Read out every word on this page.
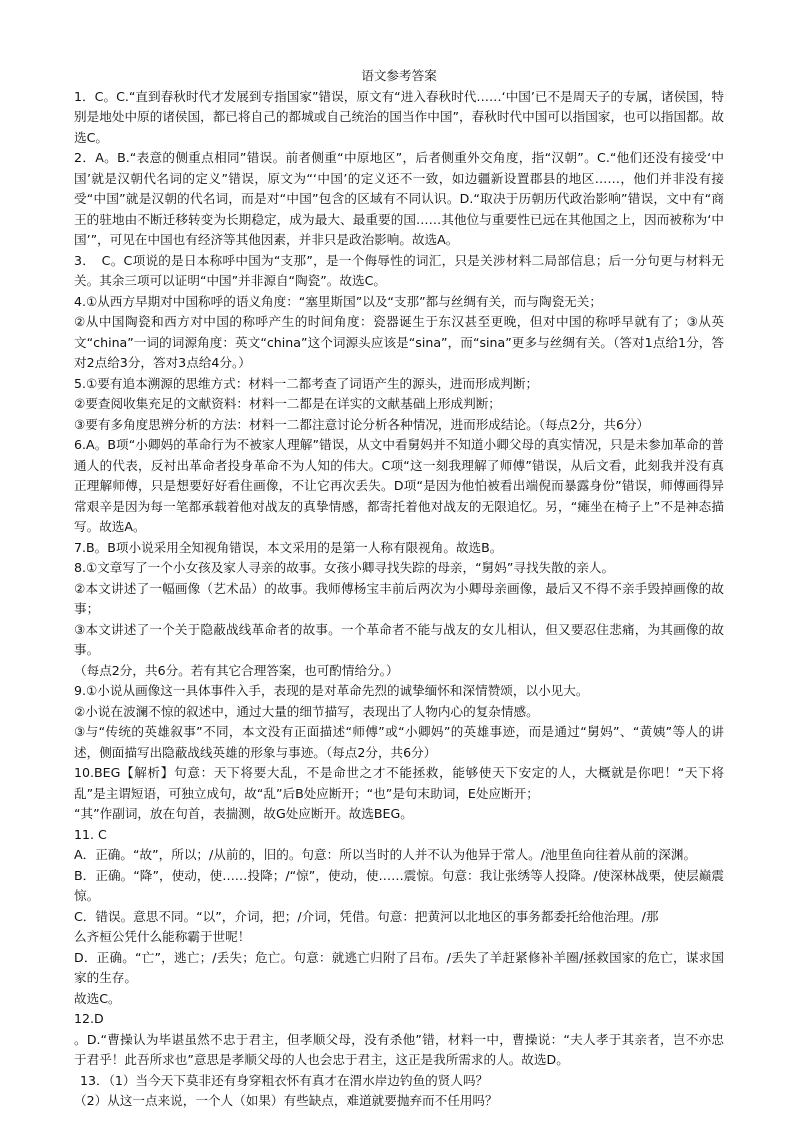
语文参考答案

1．C。C.“直到春秋时代才发展到专指国家”错误，原文有“进入春秋时代……‘中国’已不是周天子的专属，诸侯国，特别是地处中原的诸侯国，都已将自己的都城或自己统治的国当作中国”，春秋时代中国可以指国家，也可以指国都。故选C。

2．A。B.“表意的侧重点相同”错误。前者侧重“中原地区”，后者侧重外交角度，指“汉朝”。C.“他们还没有接受‘中国’就是汉朝代名词的定义”错误，原文为“‘中国’的定义还不一致，如边疆新设置郡县的地区……，他们并非没有接受“中国”就是汉朝的代名词，而是对“中国”包含的区域有不同认识。D.“取决于历朝历代政治影响”错误，文中有“商王的驻地由不断迁移转变为长期稳定，成为最大、最重要的国……其他位与重要性已远在其他国之上，因而被称为‘中国’”，可见在中国也有经济等其他因素，并非只是政治影响。故选A。

3．　C。C项说的是日本称呼中国为“支那”，是一个侮辱性的词汇，只是关涉材料二局部信息；后一分句更与材料无关。其余三项可以证明“中国”并非源自“陶瓷”。故选C。

4.①从西方早期对中国称呼的语义角度：“塞里斯国”以及“支那”都与丝绸有关，而与陶瓷无关；

②从中国陶瓷和西方对中国的称呼产生的时间角度：瓷器诞生于东汉甚至更晚，但对中国的称呼早就有了；③从英文“china”一词的词源角度：英文“china”这个词源头应该是“sina”，而“sina”更多与丝绸有关。（答对1点给1分，答对2点给3分，答对3点给4分。）

5.①要有追本溯源的思维方式：材料一二都考查了词语产生的源头，进而形成判断；

②要查阅收集充足的文献资料：材料一二都是在详实的文献基础上形成判断；

③要有多角度思辨分析的方法：材料一二都注意讨论分析各种情况，进而形成结论。（每点2分，共6分）

6.A。B项“小卿妈的革命行为不被家人理解”错误，从文中看舅妈并不知道小卿父母的真实情况，只是未参加革命的普通人的代表，反衬出革命者投身革命不为人知的伟大。C项“这一刻我理解了师傅”错误，从后文看，此刻我并没有真正理解师傅，只是想要好好看住画像，不让它再次丢失。D项“是因为他怕被看出端倪而暴露身份”错误，师傅画得异常艰辛是因为每一笔都承载着他对战友的真挚情感，都寄托着他对战友的无限追忆。另，“瘫坐在椅子上”不是神态描写。故选A。

7.B。B项小说采用全知视角错误，本文采用的是第一人称有限视角。故选B。

8.①文章写了一个小女孩及家人寻亲的故事。女孩小卿寻找失踪的母亲，“舅妈”寻找失散的亲人。

②本文讲述了一幅画像（艺术品）的故事。我师傅杨宝丰前后两次为小卿母亲画像，最后又不得不亲手毁掉画像的故事；

③本文讲述了一个关于隐蔽战线革命者的故事。一个革命者不能与战友的女儿相认，但又要忍住悲痛，为其画像的故事。

（每点2分，共6分。若有其它合理答案，也可酌情给分。）

9.①小说从画像这一具体事件入手，表现的是对革命先烈的诚挚缅怀和深情赞颂，以小见大。

②小说在波澜不惊的叙述中，通过大量的细节描写，表现出了人物内心的复杂情感。

③与“传统的英雄叙事”不同，本文没有正面描述“师傅”或“小卿妈”的英雄事迹，而是通过“舅妈”、“黄姨”等人的讲述，侧面描写出隐蔽战线英雄的形象与事迹。（每点2分，共6分）

10.BEG【解析】句意：天下将要大乱，不是命世之才不能拯救，能够使天下安定的人，大概就是你吧！“天下将乱”是主谓短语，可独立成句，故“乱”后B处应断开；“也”是句末助词，E处应断开；

“其”作副词，放在句首，表揣测，故G处应断开。故选BEG。

11. C

A．正确。“故”，所以；/从前的，旧的。句意：所以当时的人并不认为他异于常人。/池里鱼向往着从前的深渊。

B．正确。“降”，使动，使……投降；/“惊”，使动，使……震惊。句意：我让张绣等人投降。/使深林战栗，使层巅震惊。

C．错误。意思不同。“以”，介词，把；/介词，凭借。句意：把黄河以北地区的事务都委托给他治理。/那

么齐桓公凭什么能称霸于世呢！

D．正确。“亡”，逃亡；/丢失；危亡。句意：就逃亡归附了吕布。/丢失了羊赶紧修补羊圈/拯救国家的危亡，谋求国家的生存。

故选C。

12.D

。D.“曹操认为毕谌虽然不忠于君主，但孝顺父母，没有杀他”错，材料一中，曹操说：“夫人孝于其亲者，岂不亦忠于君乎！此吾所求也”意思是孝顺父母的人也会忠于君主，这正是我所需求的人。故选D。

13．（1）当今天下莫非还有身穿粗衣怀有真才在渭水岸边钓鱼的贤人吗？

（2）从这一点来说，一个人（如果）有些缺点，难道就要抛弃而不任用吗？
